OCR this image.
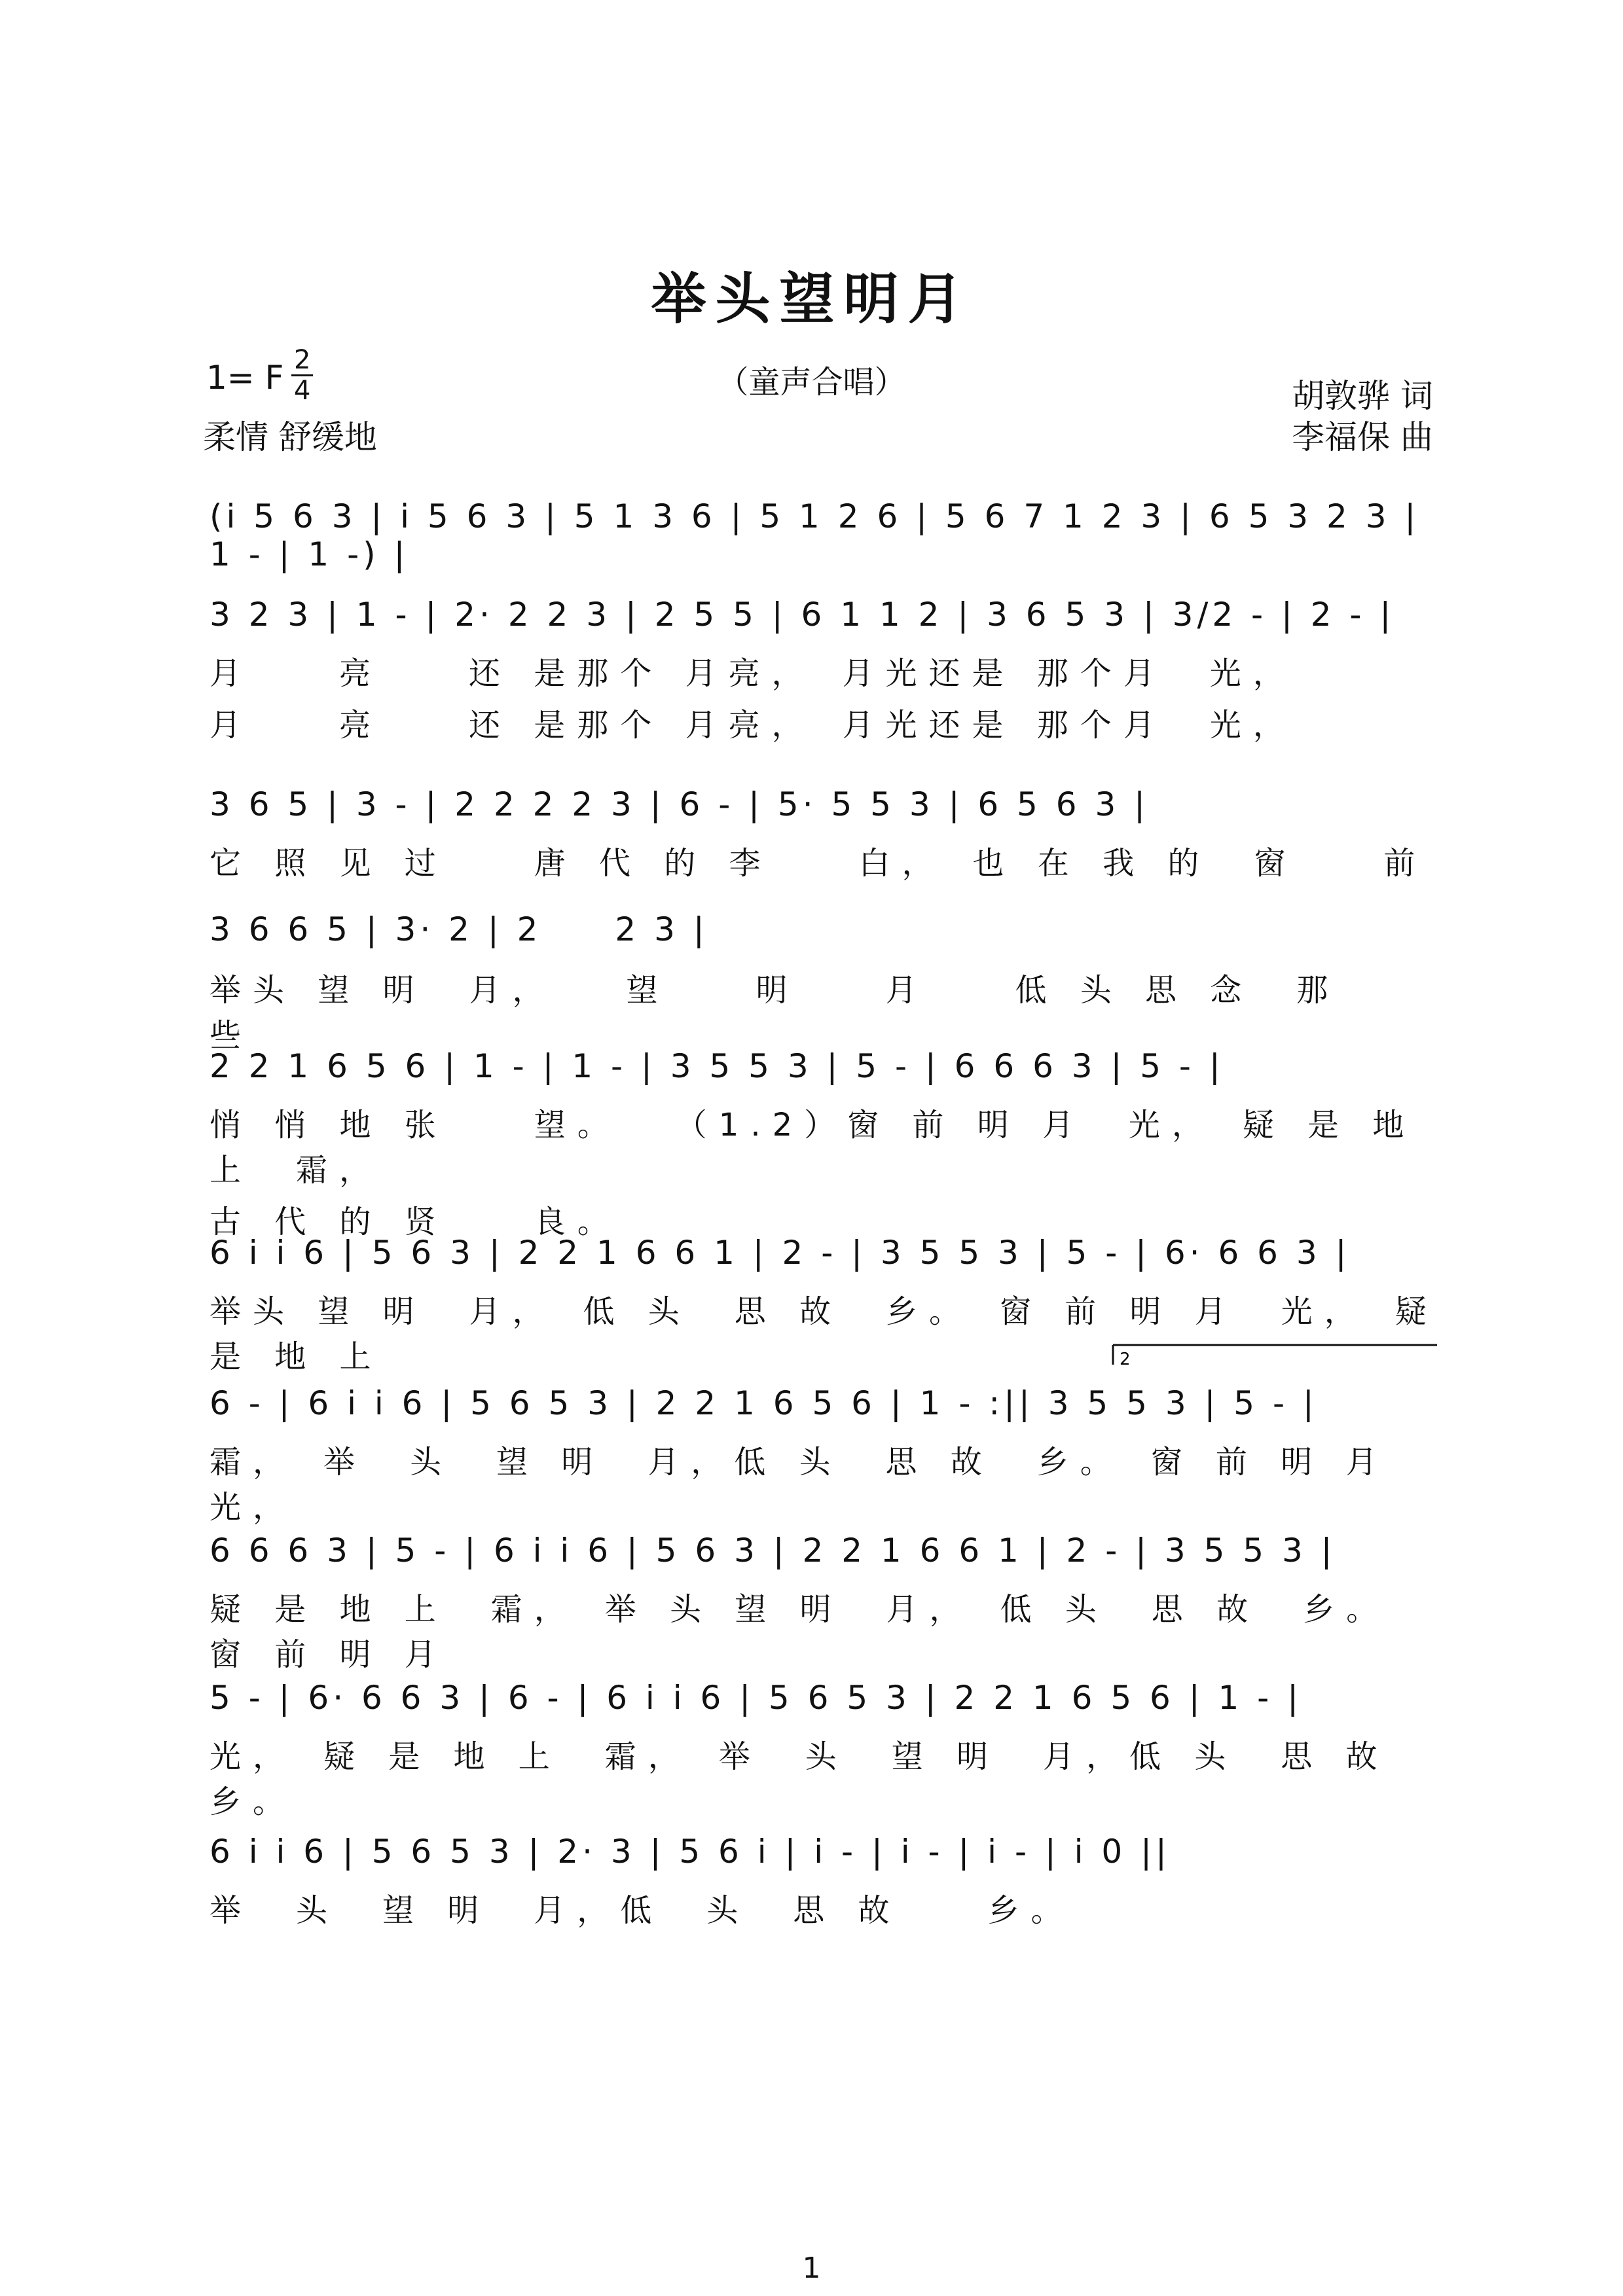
举头望明月
（童声合唱）
1= F $\frac{2}{4}$
柔情 舒缓地
胡敦骅 词
李福保 曲
(i 5 6 3 | i 5 6 3 | 5 1 3 6 | 5 1 2 6 | 5 6 7 1 2 3 | 6 5 3 2 3 | 1 - | 1 -) |
3 2 3 | 1 - | 2· 2 2 3 | 2 5 5 | 6 1 1 2 | 3 6 5 3 | 3/2 - | 2 - |
月　　亮　　还 是那个 月亮，　月光还是 那个月　光，
月　　亮　　还 是那个 月亮，　月光还是 那个月　光，
3 6 5 | 3 - | 2 2 2 2 3 | 6 - | 5· 5 5 3 | 6 5 6 3 |
它 照 见 过　　唐 代 的 李　　白，　也 在 我 的　窗　　前
3 6 6 5 | 3· 2 | 2　　2 3 |
举头 望 明　月，　　望　　明　　月　　低 头 思 念　那　　些
2 2 1 6 5 6 | 1 - | 1 - | 3 5 5 3 | 5 - | 6 6 6 3 | 5 - |
悄 悄 地 张　　望。　　（1.2）窗 前 明 月　光，　疑 是 地 上　霜，
古 代 的 贤　　良。
6 i i 6 | 5 6 3 | 2 2 1 6 6 1 | 2 - | 3 5 5 3 | 5 - | 6· 6 6 3 |
举头 望 明　月，　低 头　思 故　乡。　窗 前 明 月　光，　疑 是 地 上
6 - | 6 i i 6 | 5 6 5 3 | 2 2 1 6 5 6 | 1 - :|| 3 5 5 3 | 5 - |
霜，　举　头　望 明　月，低 头　思 故　乡。　窗 前 明 月　光，
6 6 6 3 | 5 - | 6 i i 6 | 5 6 3 | 2 2 1 6 6 1 | 2 - | 3 5 5 3 |
疑 是 地 上　霜，　举 头 望 明　月，　低 头　思 故　乡。　窗 前 明 月
5 - | 6· 6 6 3 | 6 - | 6 i i 6 | 5 6 5 3 | 2 2 1 6 5 6 | 1 - |
光，　疑 是 地 上　霜，　举　头　望 明　月，低 头　思 故　乡。
6 i i 6 | 5 6 5 3 | 2· 3 | 5 6 i | i - | i - | i - | i 0 ||
举　头　望 明　月，低　头　思 故　　乡。
2
1
